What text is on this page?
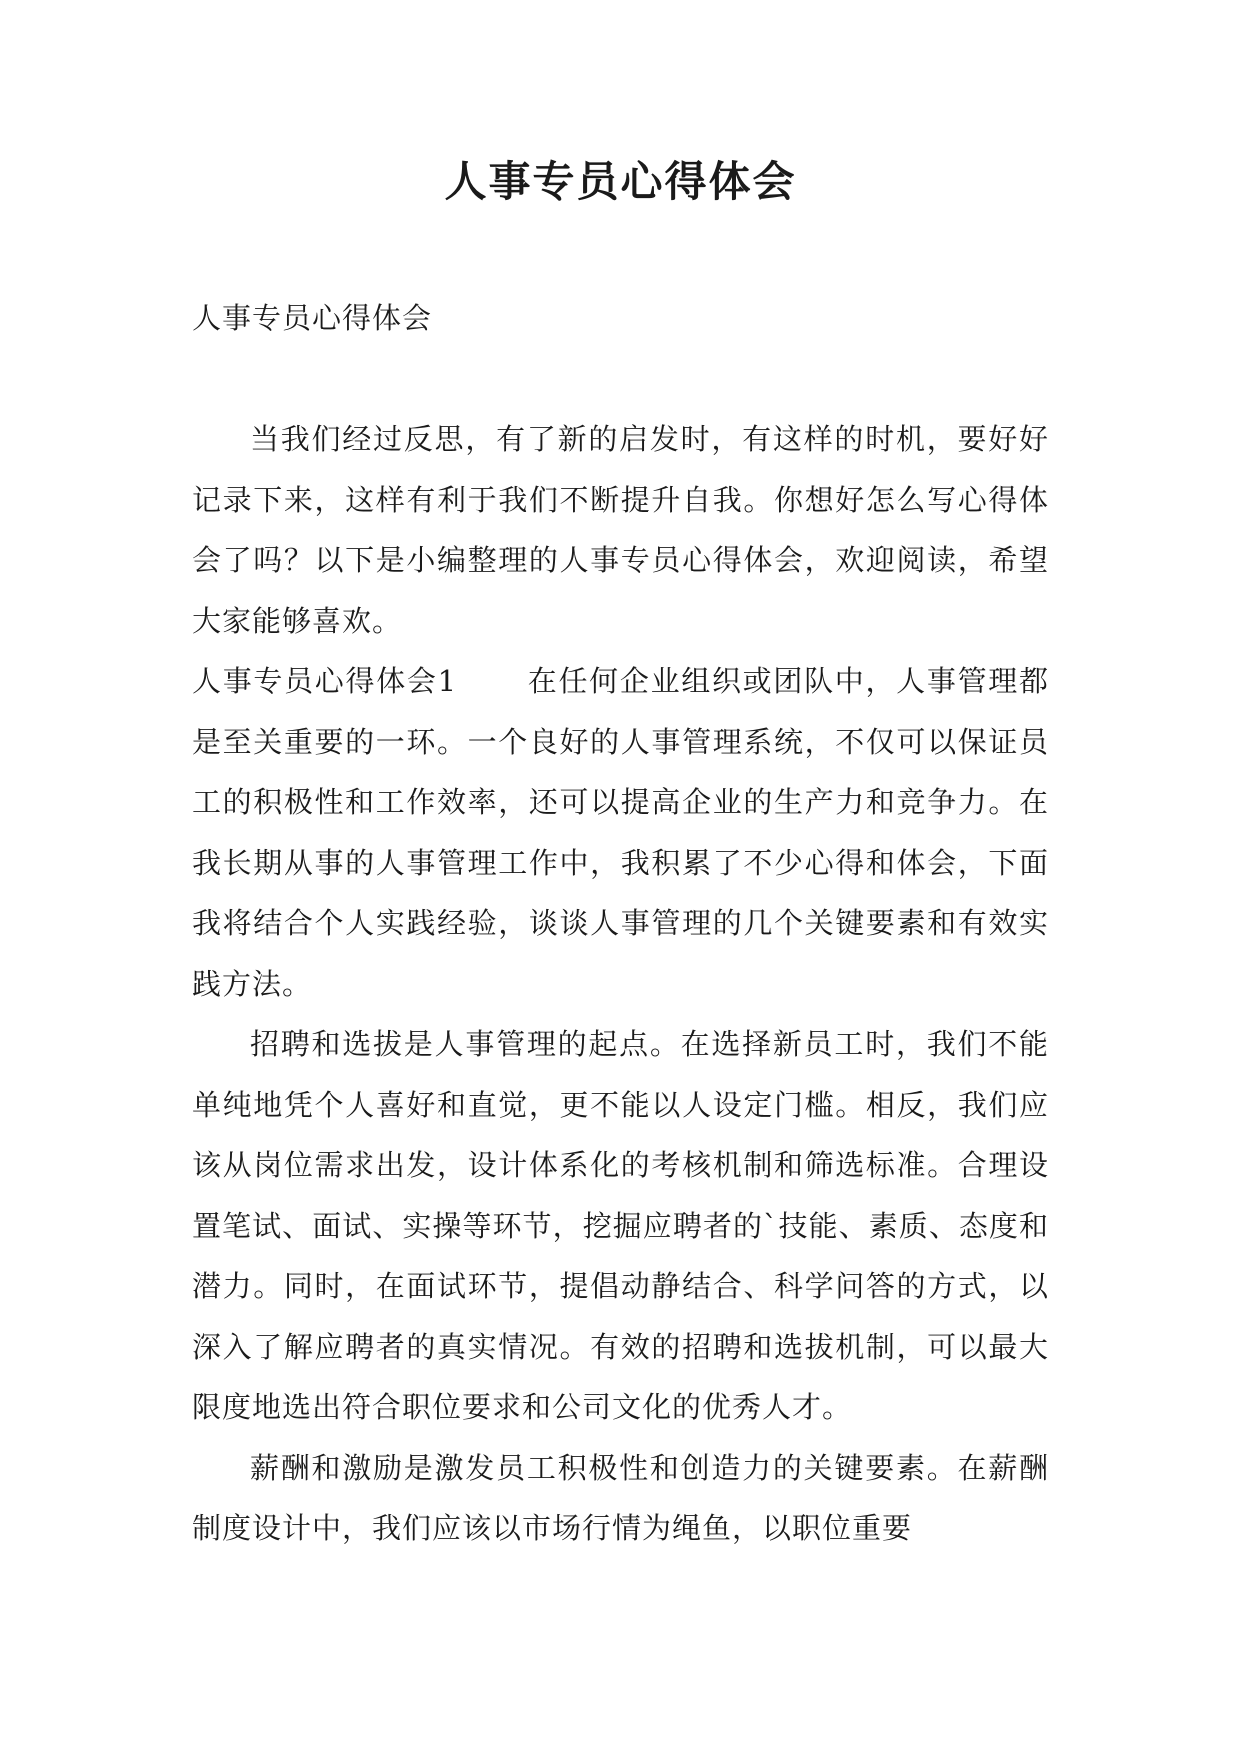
人事专员心得体会

人事专员心得体会

当我们经过反思，有了新的启发时，有这样的时机，要好好记录下来，这样有利于我们不断提升自我。你想好怎么写心得体会了吗？以下是小编整理的人事专员心得体会，欢迎阅读，希望大家能够喜欢。

人事专员心得体会1 在任何企业组织或团队中，人事管理都是至关重要的一环。一个良好的人事管理系统，不仅可以保证员工的积极性和工作效率，还可以提高企业的生产力和竞争力。在我长期从事的人事管理工作中，我积累了不少心得和体会，下面我将结合个人实践经验，谈谈人事管理的几个关键要素和有效实践方法。

招聘和选拔是人事管理的起点。在选择新员工时，我们不能单纯地凭个人喜好和直觉，更不能以人设定门槛。相反，我们应该从岗位需求出发，设计体系化的考核机制和筛选标准。合理设置笔试、面试、实操等环节，挖掘应聘者的`技能、素质、态度和潜力。同时，在面试环节，提倡动静结合、科学问答的方式，以深入了解应聘者的真实情况。有效的招聘和选拔机制，可以最大限度地选出符合职位要求和公司文化的优秀人才。

薪酬和激励是激发员工积极性和创造力的关键要素。在薪酬制度设计中，我们应该以市场行情为绳鱼，以职位重要
